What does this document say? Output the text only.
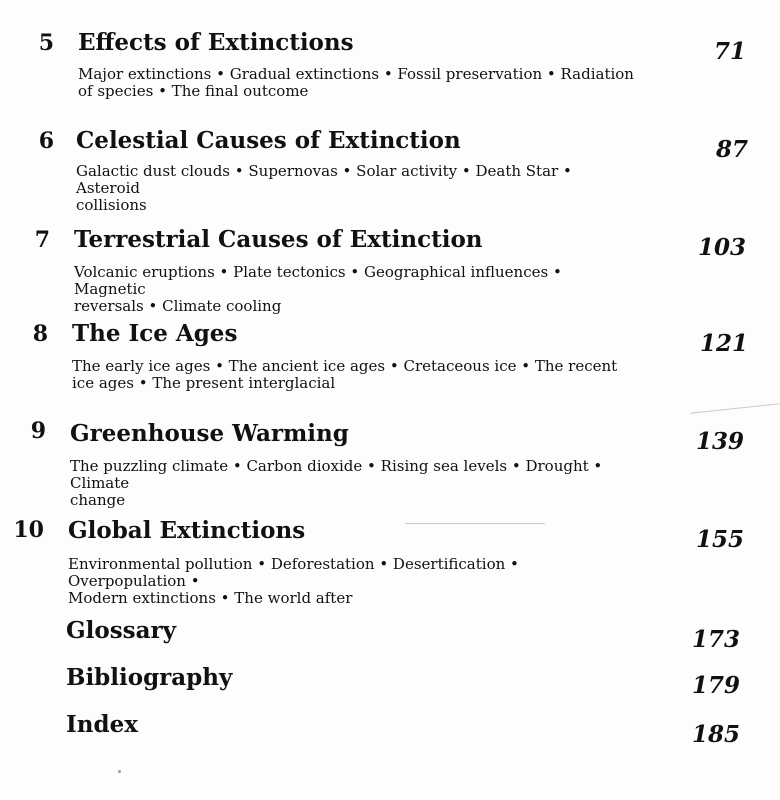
5 Effects of Extinctions	71
Major extinctions • Gradual extinctions • Fossil preservation • Radiation
of species • The final outcome
6 Celestial Causes of Extinction	87
Galactic dust clouds • Supernovas • Solar activity • Death Star • Asteroid
collisions
7 Terrestrial Causes of Extinction	103
Volcanic eruptions • Plate tectonics • Geographical influences • Magnetic
reversals • Climate cooling
8 The Ice Ages	121
The early ice ages • The ancient ice ages • Cretaceous ice • The recent
ice ages • The present interglacial
9 Greenhouse Warming	139
The puzzling climate • Carbon dioxide • Rising sea levels • Drought • Climate
change
10 Global Extinctions	155
Environmental pollution • Deforestation • Desertification • Overpopulation •
Modern extinctions • The world after
Glossary	173
Bibliography	179
Index	185
